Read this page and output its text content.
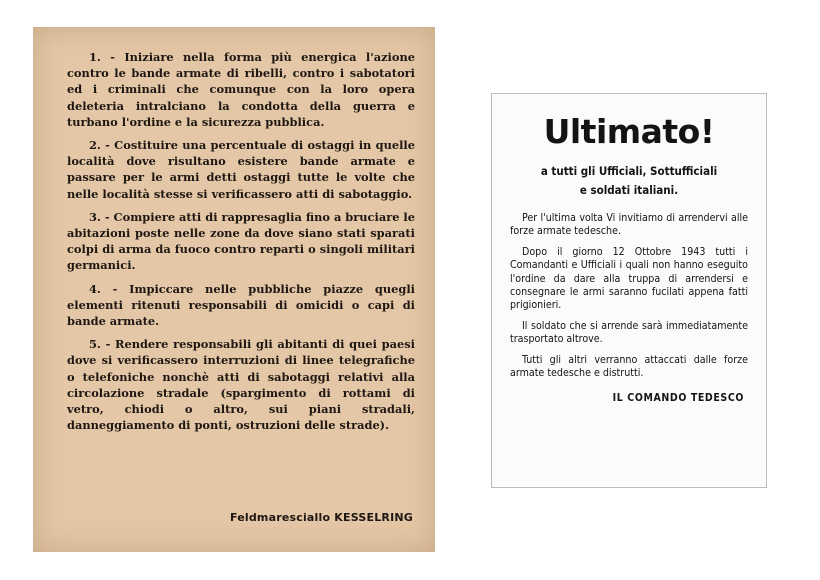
1. - Iniziare nella forma più energica l'azione contro le bande armate di ribelli, contro i sabotatori ed i criminali che comunque con la loro opera deleteria intralciano la condotta della guerra e turbano l'ordine e la sicurezza pubblica.

2. - Costituire una percentuale di ostaggi in quelle località dove risultano esistere bande armate e passare per le armi detti ostaggi tutte le volte che nelle località stesse si verificassero atti di sabotaggio.

3. - Compiere atti di rappresaglia fino a bruciare le abitazioni poste nelle zone da dove siano stati sparati colpi di arma da fuoco contro reparti o singoli militari germanici.

4. - Impiccare nelle pubbliche piazze quegli elementi ritenuti responsabili di omicidi o capi di bande armate.

5. - Rendere responsabili gli abitanti di quei paesi dove si verificassero interruzioni di linee telegrafiche o telefoniche nonchè atti di sabotaggi relativi alla circolazione stradale (spargimento di rottami di vetro, chiodi o altro, sui piani stradali, danneggiamento di ponti, ostruzioni delle strade).

Feldmaresciallo KESSELRING
Ultimato!
a tutti gli Ufficiali, Sottufficiali
e soldati italiani.

Per l'ultima volta Vi invitiamo di arrendervi alle forze armate tedesche.

Dopo il giorno 12 Ottobre 1943 tutti i Comandanti e Ufficiali i quali non hanno eseguito l'ordine da dare alla truppa di arrendersi e consegnare le armi saranno fucilati appena fatti prigionieri.

Il soldato che si arrende sarà immediatamente trasportato altrove.

Tutti gli altri verranno attaccati dalle forze armate tedesche e distrutti.

IL COMANDO TEDESCO
